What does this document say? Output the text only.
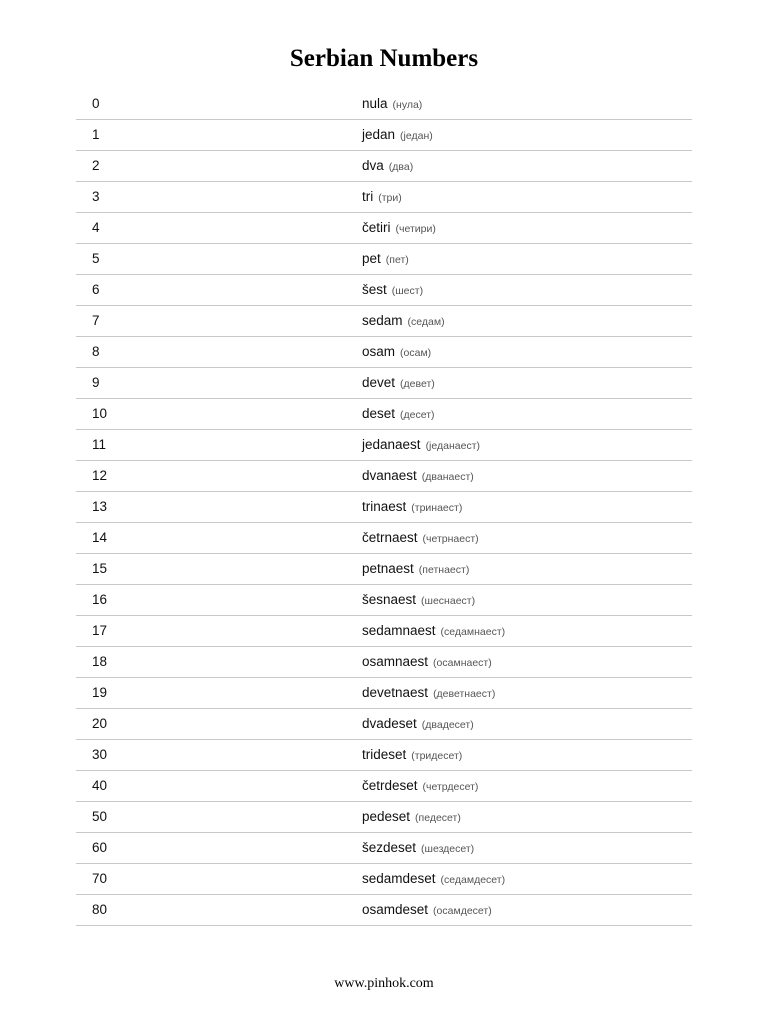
Serbian Numbers
0	nula (нула)
1	jedan (један)
2	dva (два)
3	tri (три)
4	četiri (четири)
5	pet (пет)
6	šest (шест)
7	sedam (седам)
8	osam (осам)
9	devet (девет)
10	deset (десет)
11	jedanaest (једанаест)
12	dvanaest (дванаест)
13	trinaest (тринаест)
14	četrnaest (четрнаест)
15	petnaest (петнаест)
16	šesnaest (шеснаест)
17	sedamnaest (седамнаест)
18	osamnaest (осамнаест)
19	devetnaest (деветнаест)
20	dvadeset (двадесет)
30	trideset (тридесет)
40	četrdeset (четрдесет)
50	pedeset (педесет)
60	šezdeset (шездесет)
70	sedamdeset (седамдесет)
80	osamdeset (осамдесет)
www.pinhok.com
